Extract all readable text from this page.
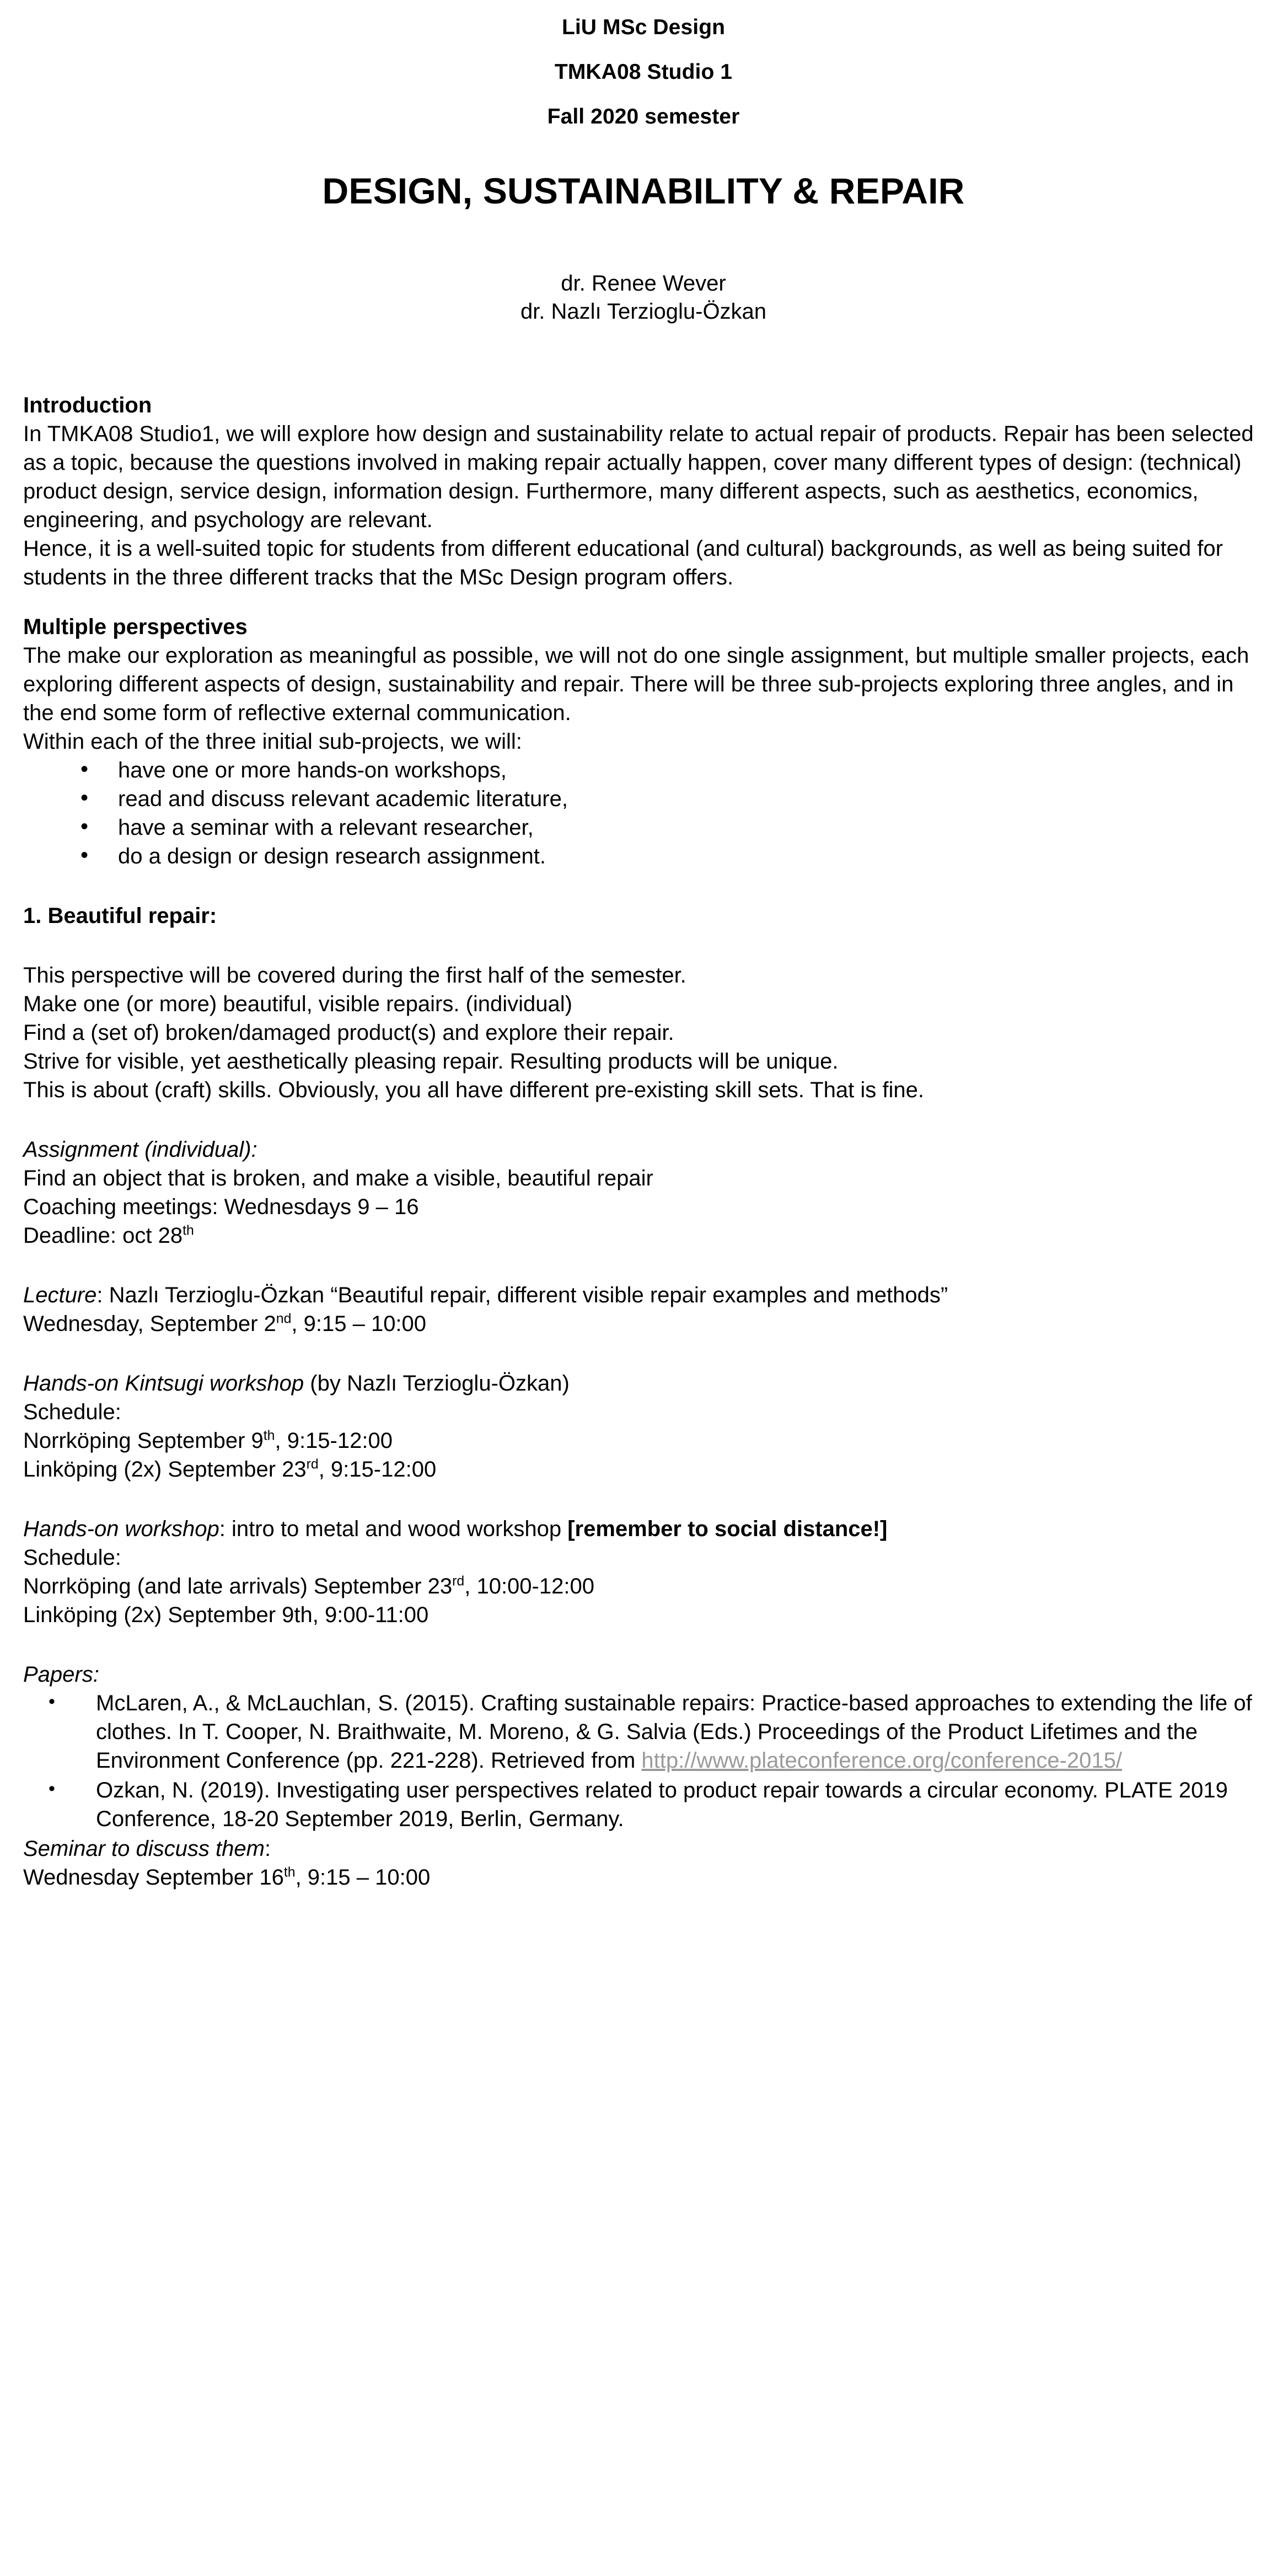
LiU MSc Design
TMKA08 Studio 1
Fall 2020 semester
DESIGN, SUSTAINABILITY & REPAIR
dr. Renee Wever
dr. Nazlı Terzioglu-Özkan
Introduction

In TMKA08 Studio1, we will explore how design and sustainability relate to actual repair of products. Repair has been selected as a topic, because the questions involved in making repair actually happen, cover many different types of design: (technical) product design, service design, information design. Furthermore, many different aspects, such as aesthetics, economics, engineering, and psychology are relevant.

Hence, it is a well-suited topic for students from different educational (and cultural) backgrounds, as well as being suited for students in the three different tracks that the MSc Design program offers.

Multiple perspectives

The make our exploration as meaningful as possible, we will not do one single assignment, but multiple smaller projects, each exploring different aspects of design, sustainability and repair. There will be three sub-projects exploring three angles, and in the end some form of reflective external communication.

Within each of the three initial sub-projects, we will:

• have one or more hands-on workshops,
• read and discuss relevant academic literature,
• have a seminar with a relevant researcher,
• do a design or design research assignment.
1. Beautiful repair:

This perspective will be covered during the first half of the semester.

Make one (or more) beautiful, visible repairs. (individual)

Find a (set of) broken/damaged product(s) and explore their repair.

Strive for visible, yet aesthetically pleasing repair. Resulting products will be unique.

This is about (craft) skills. Obviously, you all have different pre-existing skill sets. That is fine.

Assignment (individual):

Find an object that is broken, and make a visible, beautiful repair

Coaching meetings: Wednesdays 9 – 16

Deadline: oct 28th

Lecture: Nazlı Terzioglu-Özkan “Beautiful repair, different visible repair examples and methods”

Wednesday, September 2nd, 9:15 – 10:00

Hands-on Kintsugi workshop (by Nazlı Terzioglu-Özkan)

Schedule:

Norrköping September 9th, 9:15-12:00

Linköping (2x) September 23rd, 9:15-12:00

Hands-on workshop: intro to metal and wood workshop [remember to social distance!]

Schedule:

Norrköping (and late arrivals) September 23rd, 10:00-12:00

Linköping (2x) September 9th, 9:00-11:00

Papers:

• McLaren, A., & McLauchlan, S. (2015). Crafting sustainable repairs: Practice-based approaches to extending the life of clothes. In T. Cooper, N. Braithwaite, M. Moreno, & G. Salvia (Eds.) Proceedings of the Product Lifetimes and the Environment Conference (pp. 221-228). Retrieved from http://www.plateconference.org/conference-2015/
• Ozkan, N. (2019). Investigating user perspectives related to product repair towards a circular economy. PLATE 2019 Conference, 18-20 September 2019, Berlin, Germany.

Seminar to discuss them:

Wednesday September 16th, 9:15 – 10:00
